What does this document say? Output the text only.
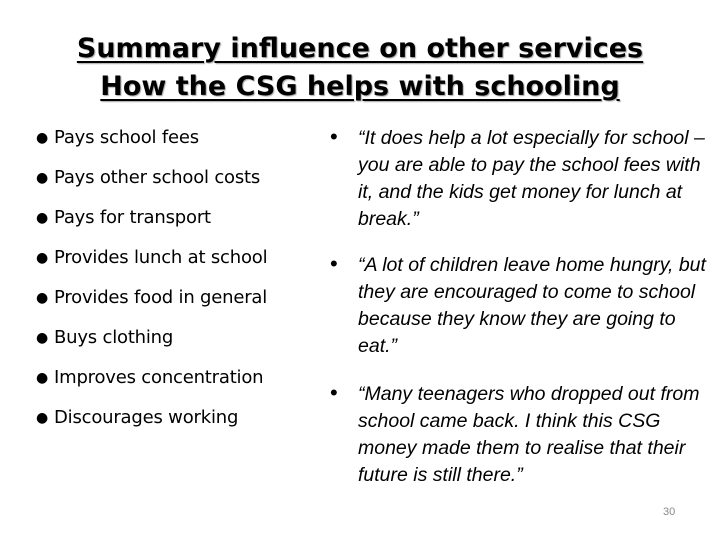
Summary influence on other services
How the CSG helps with schooling
● Pays school fees
● Pays other school costs
● Pays for transport
● Provides lunch at school
● Provides food in general
● Buys clothing
● Improves concentration
● Discourages working
• “It does help a lot especially for school – you are able to pay the school fees with it, and the kids get money for lunch at break.”
• “A lot of children leave home hungry, but they are encouraged to come to school because they know they are going to eat.”
• “Many teenagers who dropped out from school came back. I think this CSG money made them to realise that their future is still there.”
30
